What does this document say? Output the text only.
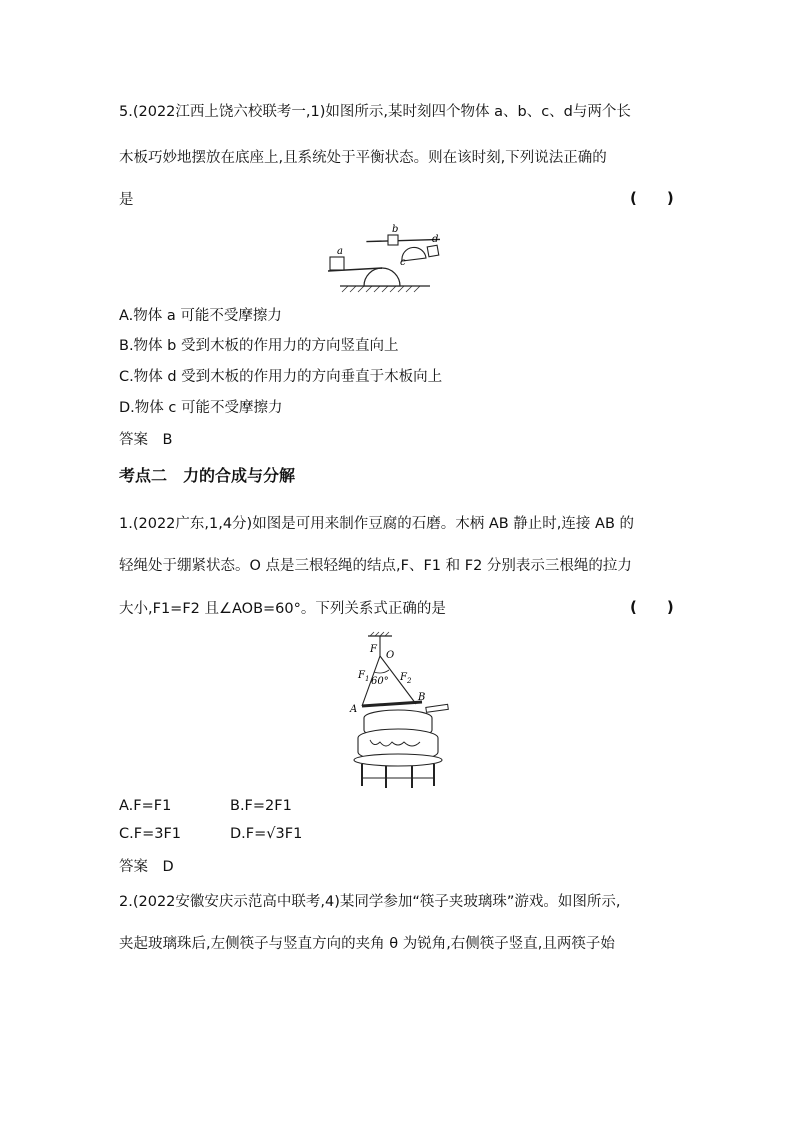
5.(2022江西上饶六校联考一,1)如图所示,某时刻四个物体 a、b、c、d与两个长
木板巧妙地摆放在底座上,且系统处于平衡状态。则在该时刻,下列说法正确的
是	(　　)
a
b
c
d
A.物体 a 可能不受摩擦力
B.物体 b 受到木板的作用力的方向竖直向上
C.物体 d 受到木板的作用力的方向垂直于木板向上
D.物体 c 可能不受摩擦力
答案　B
考点二　力的合成与分解
1.(2022广东,1,4分)如图是可用来制作豆腐的石磨。木柄 AB 静止时,连接 AB 的
轻绳处于绷紧状态。O 点是三根轻绳的结点,F、F1 和 F2 分别表示三根绳的拉力
大小,F1=F2 且∠AOB=60°。下列关系式正确的是	(　　)
F
O
60°
$F_1$	$F_2$
A
B
A.F=F1	B.F=2F1
C.F=3F1	D.F=√3F1
答案　D
2.(2022安徽安庆示范高中联考,4)某同学参加“筷子夹玻璃珠”游戏。如图所示,
夹起玻璃珠后,左侧筷子与竖直方向的夹角 θ 为锐角,右侧筷子竖直,且两筷子始
